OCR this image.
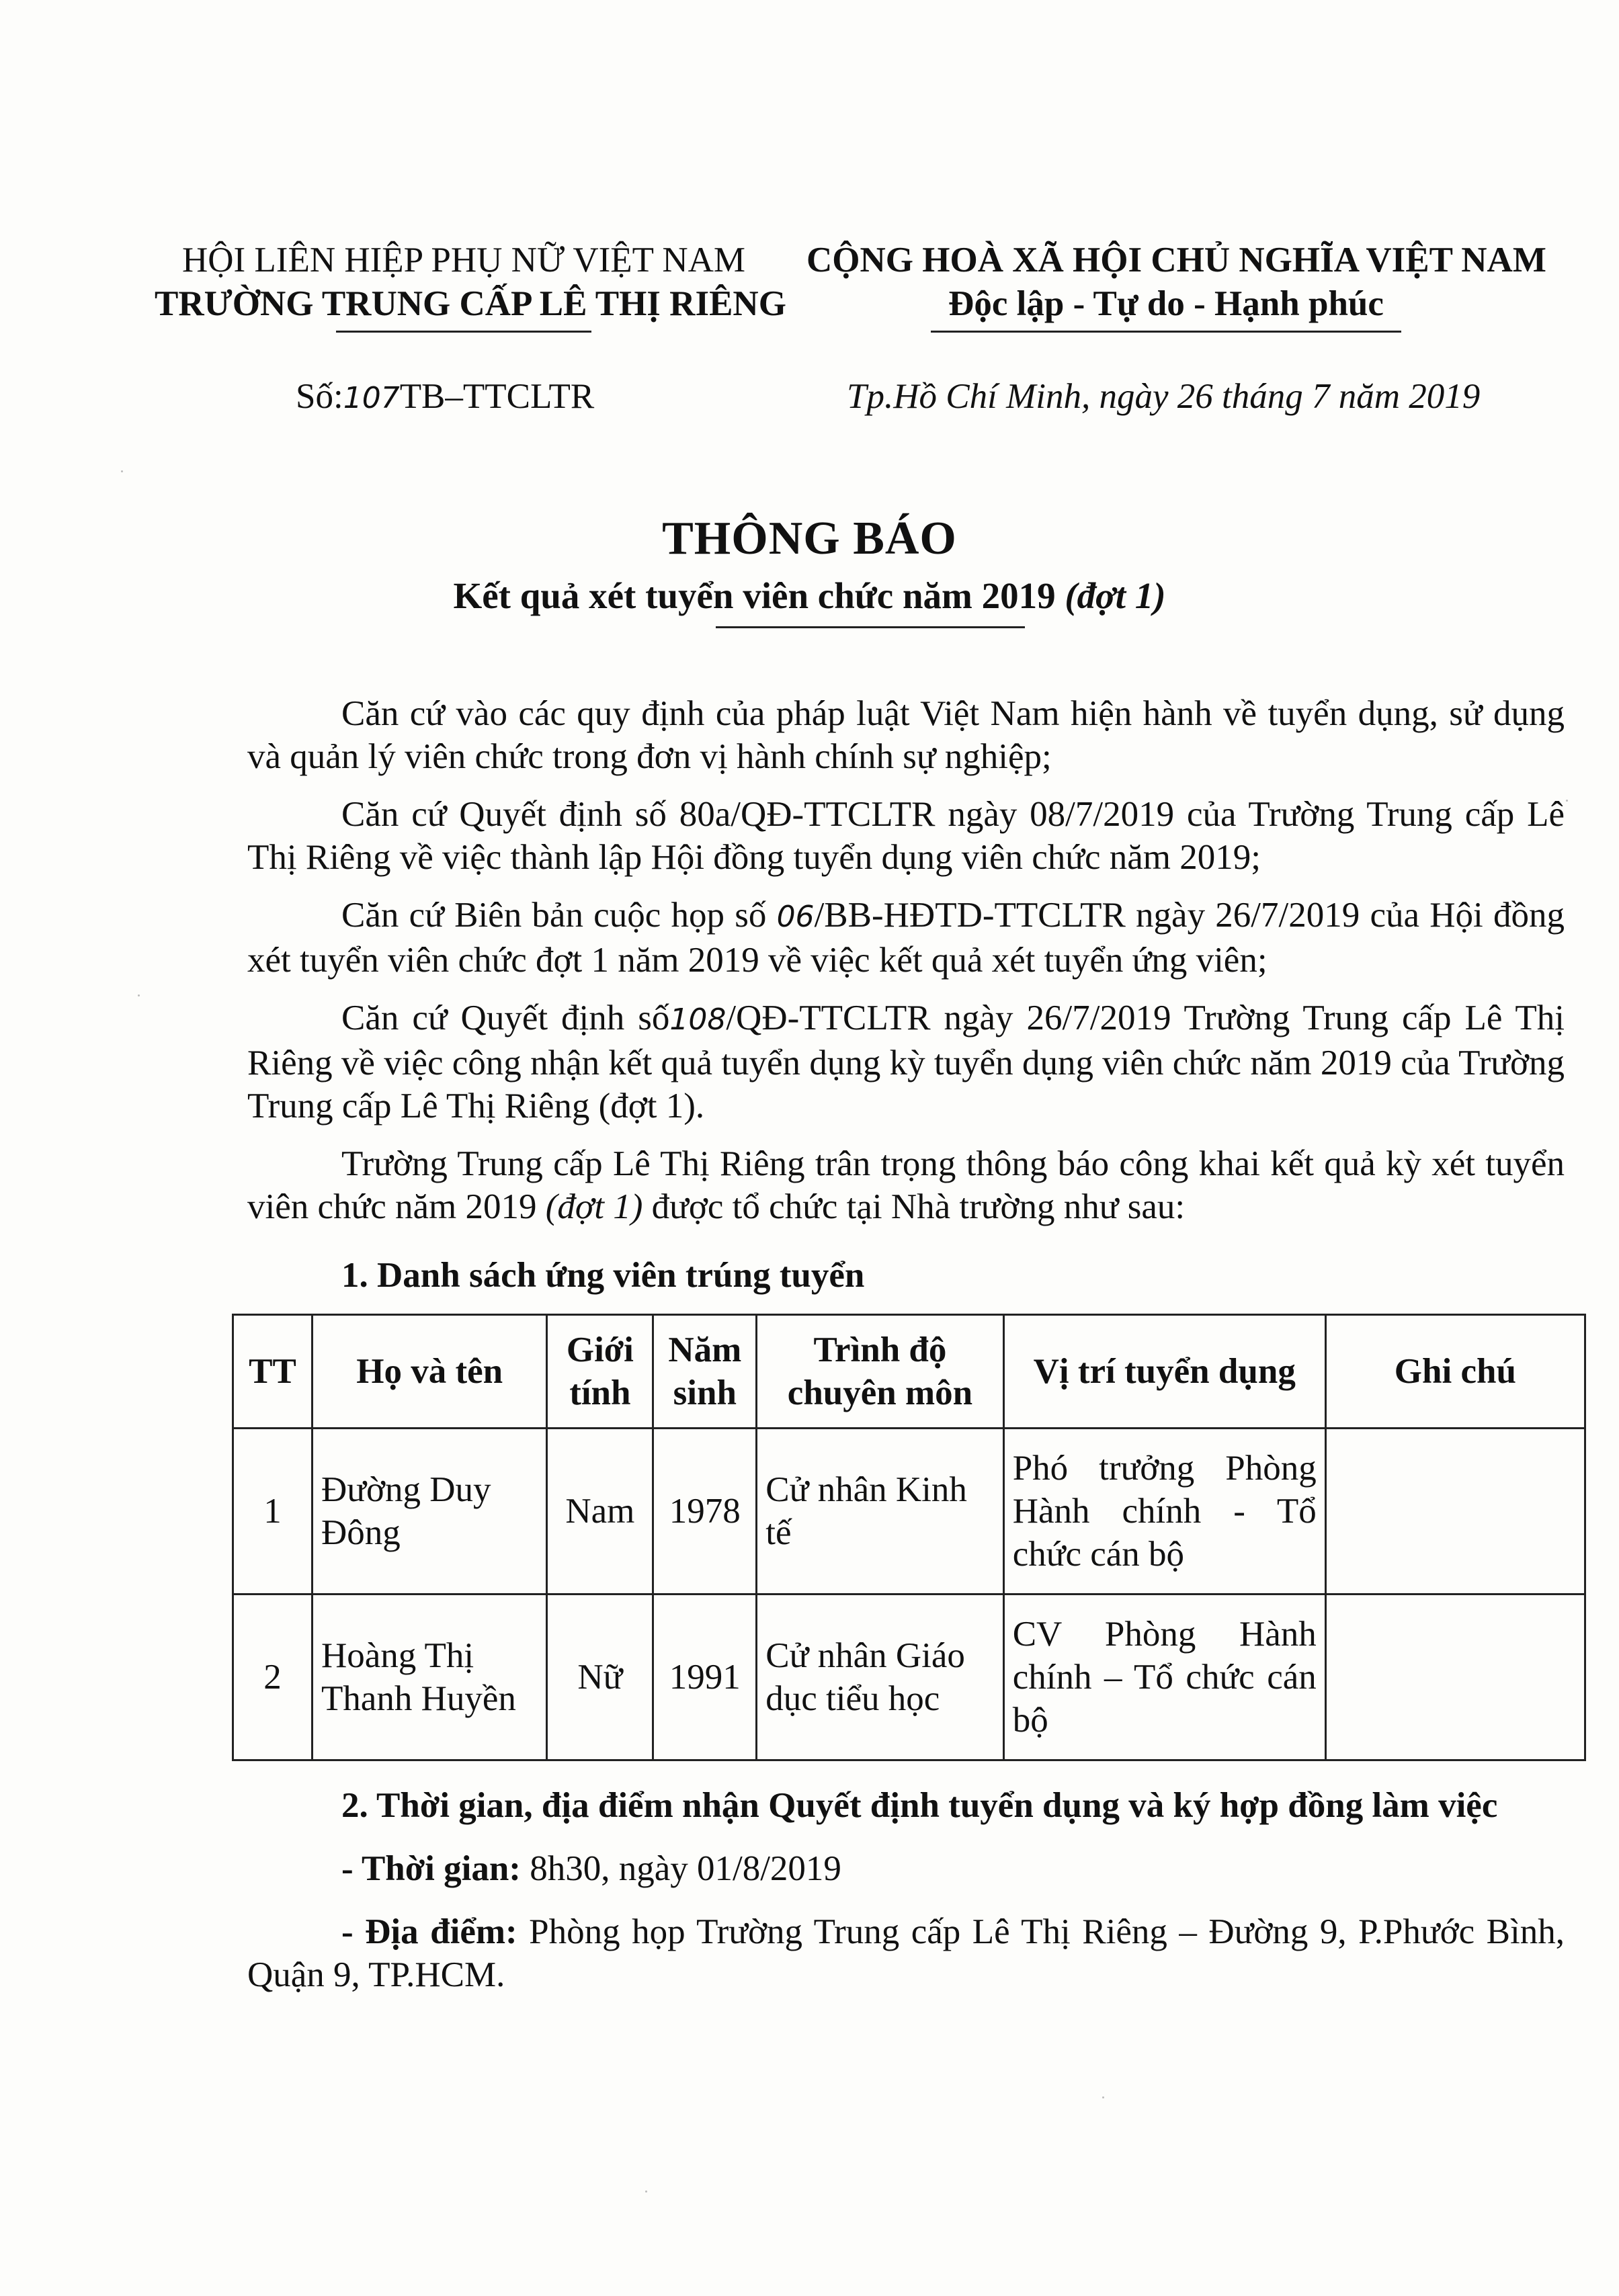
HỘI LIÊN HIỆP PHỤ NỮ VIỆT NAM
TRƯỜNG TRUNG CẤP LÊ THỊ RIÊNG
CỘNG HOÀ XÃ HỘI CHỦ NGHĨA VIỆT NAM
Độc lập - Tự do - Hạnh phúc
Số:107TB–TTCLTR	Tp.Hồ Chí Minh, ngày 26 tháng 7 năm 2019
THÔNG BÁO
Kết quả xét tuyển viên chức năm 2019 (đợt 1)

Căn cứ vào các quy định của pháp luật Việt Nam hiện hành về tuyển dụng, sử dụng và quản lý viên chức trong đơn vị hành chính sự nghiệp;

Căn cứ Quyết định số 80a/QĐ-TTCLTR ngày 08/7/2019 của Trường Trung cấp Lê Thị Riêng về việc thành lập Hội đồng tuyển dụng viên chức năm 2019;

Căn cứ Biên bản cuộc họp số 06/BB-HĐTD-TTCLTR ngày 26/7/2019 của Hội đồng xét tuyển viên chức đợt 1 năm 2019 về việc kết quả xét tuyển ứng viên;

Căn cứ Quyết định số108/QĐ-TTCLTR ngày 26/7/2019 Trường Trung cấp Lê Thị Riêng về việc công nhận kết quả tuyển dụng kỳ tuyển dụng viên chức năm 2019 của Trường Trung cấp Lê Thị Riêng (đợt 1).

Trường Trung cấp Lê Thị Riêng trân trọng thông báo công khai kết quả kỳ xét tuyển viên chức năm 2019 (đợt 1) được tổ chức tại Nhà trường như sau:

1. Danh sách ứng viên trúng tuyển
TT	Họ và tên	Giới tính	Năm sinh	Trình độ chuyên môn	Vị trí tuyển dụng	Ghi chú
1	Đường Duy Đông	Nam	1978	Cử nhân Kinh tế	Phó trưởng Phòng Hành chính - Tổ chức cán bộ	
2	Hoàng Thị Thanh Huyền	Nữ	1991	Cử nhân Giáo dục tiểu học	CV Phòng Hành chính – Tổ chức cán bộ	

2. Thời gian, địa điểm nhận Quyết định tuyển dụng và ký hợp đồng làm việc

- Thời gian: 8h30, ngày 01/8/2019

- Địa điểm: Phòng họp Trường Trung cấp Lê Thị Riêng – Đường 9, P.Phước Bình, Quận 9, TP.HCM.
